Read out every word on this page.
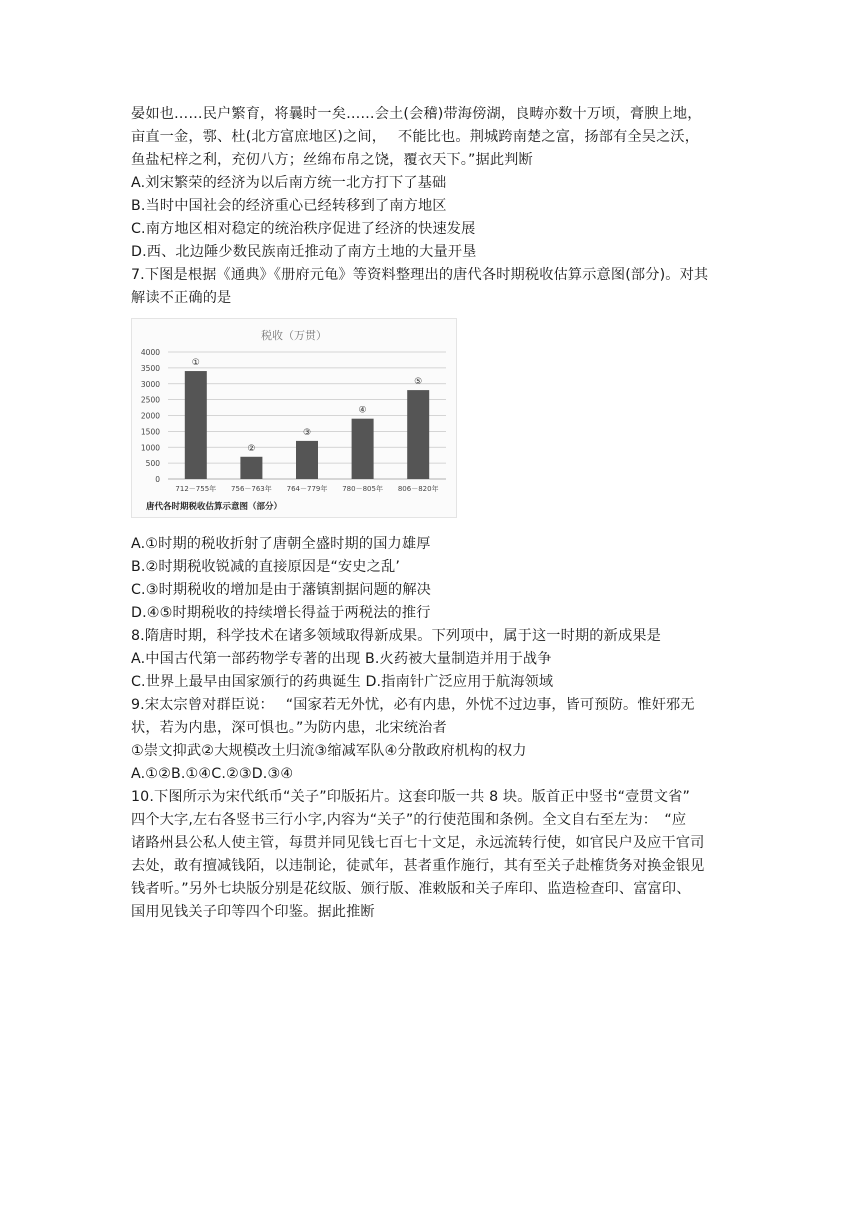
晏如也……民户繁育，将曩时一矣……会土(会稽)带海傍湖，良畴亦数十万顷，膏腴上地，
亩直一金，鄠、杜(北方富庶地区)之间，　 不能比也。荆城跨南楚之富，扬部有全吴之沃，
鱼盐杞梓之利，充仞八方；丝绵布帛之饶，覆衣天下。”据此判断
A.刘宋繁荣的经济为以后南方统一北方打下了基础
B.当时中国社会的经济重心已经转移到了南方地区
C.南方地区相对稳定的统治秩序促进了经济的快速发展
D.西、北边陲少数民族南迁推动了南方土地的大量开垦
7.下图是根据《通典》《册府元龟》等资料整理出的唐代各时期税收估算示意图(部分)。对其
解读不正确的是
税收（万贯）
0
500
1000
1500
2000
2500
3000
3500
4000
①
712－755年
②
756－763年
③
764－779年
④
780－805年
⑤
806－820年
唐代各时期税收估算示意图（部分）
A.①时期的税收折射了唐朝全盛时期的国力雄厚
B.②时期税收锐减的直接原因是“安史之乱’
C.③时期税收的增加是由于藩镇割据问题的解决
D.④⑤时期税收的持续增长得益于两税法的推行
8.隋唐时期，科学技术在诸多领域取得新成果。下列项中，属于这一时期的新成果是
A.中国古代第一部药物学专著的出现 B.火药被大量制造并用于战争
C.世界上最早由国家颁行的药典诞生 D.指南针广泛应用于航海领域
9.宋太宗曾对群臣说：　 “国家若无外忧，必有内患，外忧不过边事，皆可预防。惟奸邪无
状，若为内患，深可惧也。”为防内患，北宋统治者
①崇文抑武②大规模改土归流③缩减军队④分散政府机构的权力
A.①②B.①④C.②③D.③④
10.下图所示为宋代纸币“关子”印版拓片。这套印版一共 8 块。版首正中竖书“壹贯文省”
四个大字,左右各竖书三行小字,内容为“关子”的行使范围和条例。全文自右至左为：　“应
诸路州县公私人使主管，每贯并同见钱七百七十文足，永远流转行使，如官民户及应干官司
去处，敢有擅减钱陌，以违制论，徒贰年，甚者重作施行，其有至关子赴榷货务对换金银见
钱者听。”另外七块版分别是花纹版、颁行版、准敕版和关子库印、监造检查印、富富印、
国用见钱关子印等四个印鉴。据此推断
